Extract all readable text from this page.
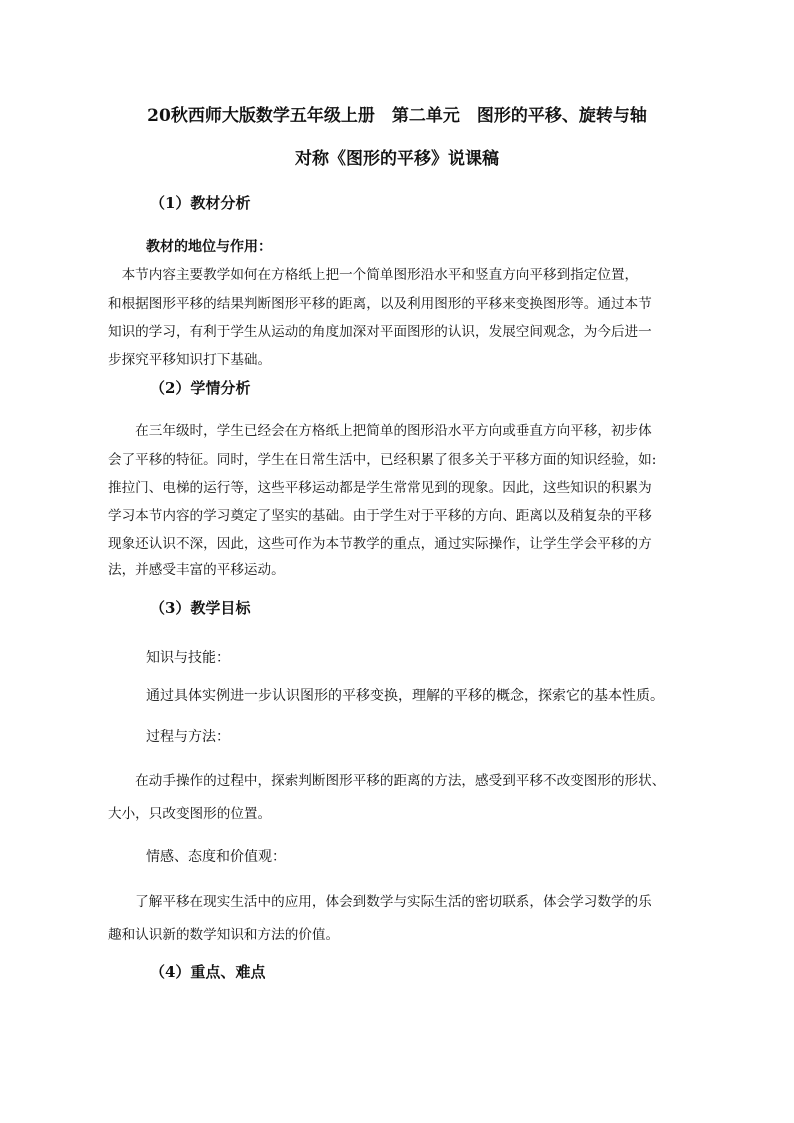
20秋西师大版数学五年级上册　第二单元　图形的平移、旋转与轴
对称《图形的平移》说课稿
（1）教材分析
教材的地位与作用：
　本节内容主要教学如何在方格纸上把一个简单图形沿水平和竖直方向平移到指定位置，
和根据图形平移的结果判断图形平移的距离，以及利用图形的平移来变换图形等。通过本节
知识的学习，有利于学生从运动的角度加深对平面图形的认识，发展空间观念，为今后进一
步探究平移知识打下基础。
（2）学情分析
　　在三年级时，学生已经会在方格纸上把简单的图形沿水平方向或垂直方向平移，初步体
会了平移的特征。同时，学生在日常生活中，已经积累了很多关于平移方面的知识经验，如:
推拉门、电梯的运行等，这些平移运动都是学生常常见到的现象。因此，这些知识的积累为
学习本节内容的学习奠定了坚实的基础。由于学生对于平移的方向、距离以及稍复杂的平移
现象还认识不深，因此，这些可作为本节教学的重点，通过实际操作，让学生学会平移的方
法，并感受丰富的平移运动。
（3）教学目标
知识与技能：
通过具体实例进一步认识图形的平移变换，理解的平移的概念，探索它的基本性质。
过程与方法：
　　在动手操作的过程中，探索判断图形平移的距离的方法，感受到平移不改变图形的形状、
大小，只改变图形的位置。
情感、态度和价值观：
　　了解平移在现实生活中的应用，体会到数学与实际生活的密切联系，体会学习数学的乐
趣和认识新的数学知识和方法的价值。
（4）重点、难点
